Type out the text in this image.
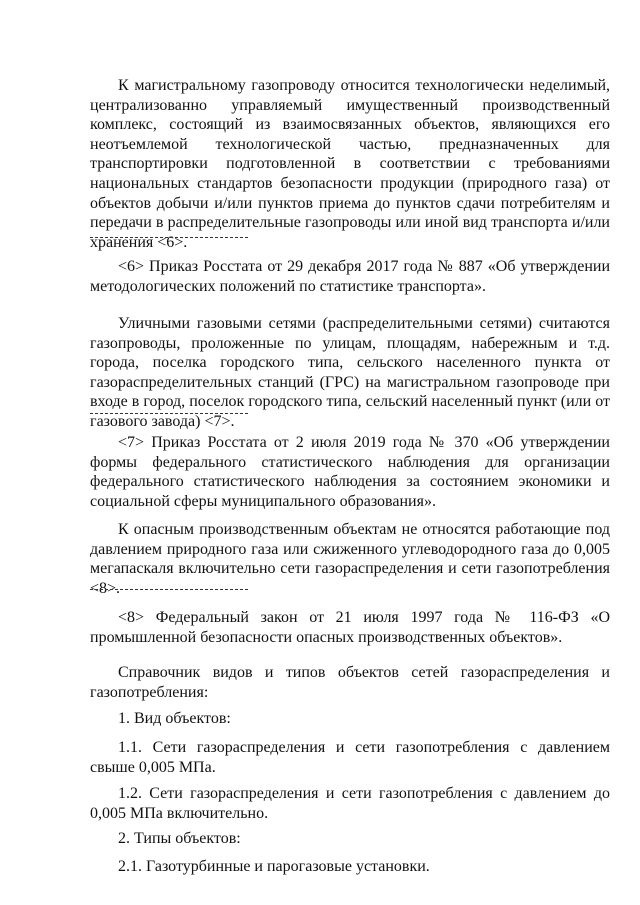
К магистральному газопроводу относится технологически неделимый, централизованно управляемый имущественный производственный комплекс, состоящий из взаимосвязанных объектов, являющихся его неотъемлемой технологической частью, предназначенных для транспортировки подготовленной в соответствии с требованиями национальных стандартов безопасности продукции (природного газа) от объектов добычи и/или пунктов приема до пунктов сдачи потребителям и передачи в распределительные газопроводы или иной вид транспорта и/или хранения <6>.

<6> Приказ Росстата от 29 декабря 2017 года № 887 «Об утверждении методологических положений по статистике транспорта».

Уличными газовыми сетями (распределительными сетями) считаются газопроводы, проложенные по улицам, площадям, набережным и т.д. города, поселка городского типа, сельского населенного пункта от газораспределительных станций (ГРС) на магистральном газопроводе при входе в город, поселок городского типа, сельский населенный пункт (или от газового завода) <7>.

<7> Приказ Росстата от 2 июля 2019 года № 370 «Об утверждении формы федерального статистического наблюдения для организации федерального статистического наблюдения за состоянием экономики и социальной сферы муниципального образования».

К опасным производственным объектам не относятся работающие под давлением природного газа или сжиженного углеводородного газа до 0,005 мегапаскаля включительно сети газораспределения и сети газопотребления <8>.

<8> Федеральный закон от 21 июля 1997 года № 116-ФЗ «О промышленной безопасности опасных производственных объектов».

Справочник видов и типов объектов сетей газораспределения и газопотребления:

1. Вид объектов:

1.1. Сети газораспределения и сети газопотребления с давлением свыше 0,005 МПа.

1.2. Сети газораспределения и сети газопотребления с давлением до 0,005 МПа включительно.

2. Типы объектов:

2.1. Газотурбинные и парогазовые установки.
